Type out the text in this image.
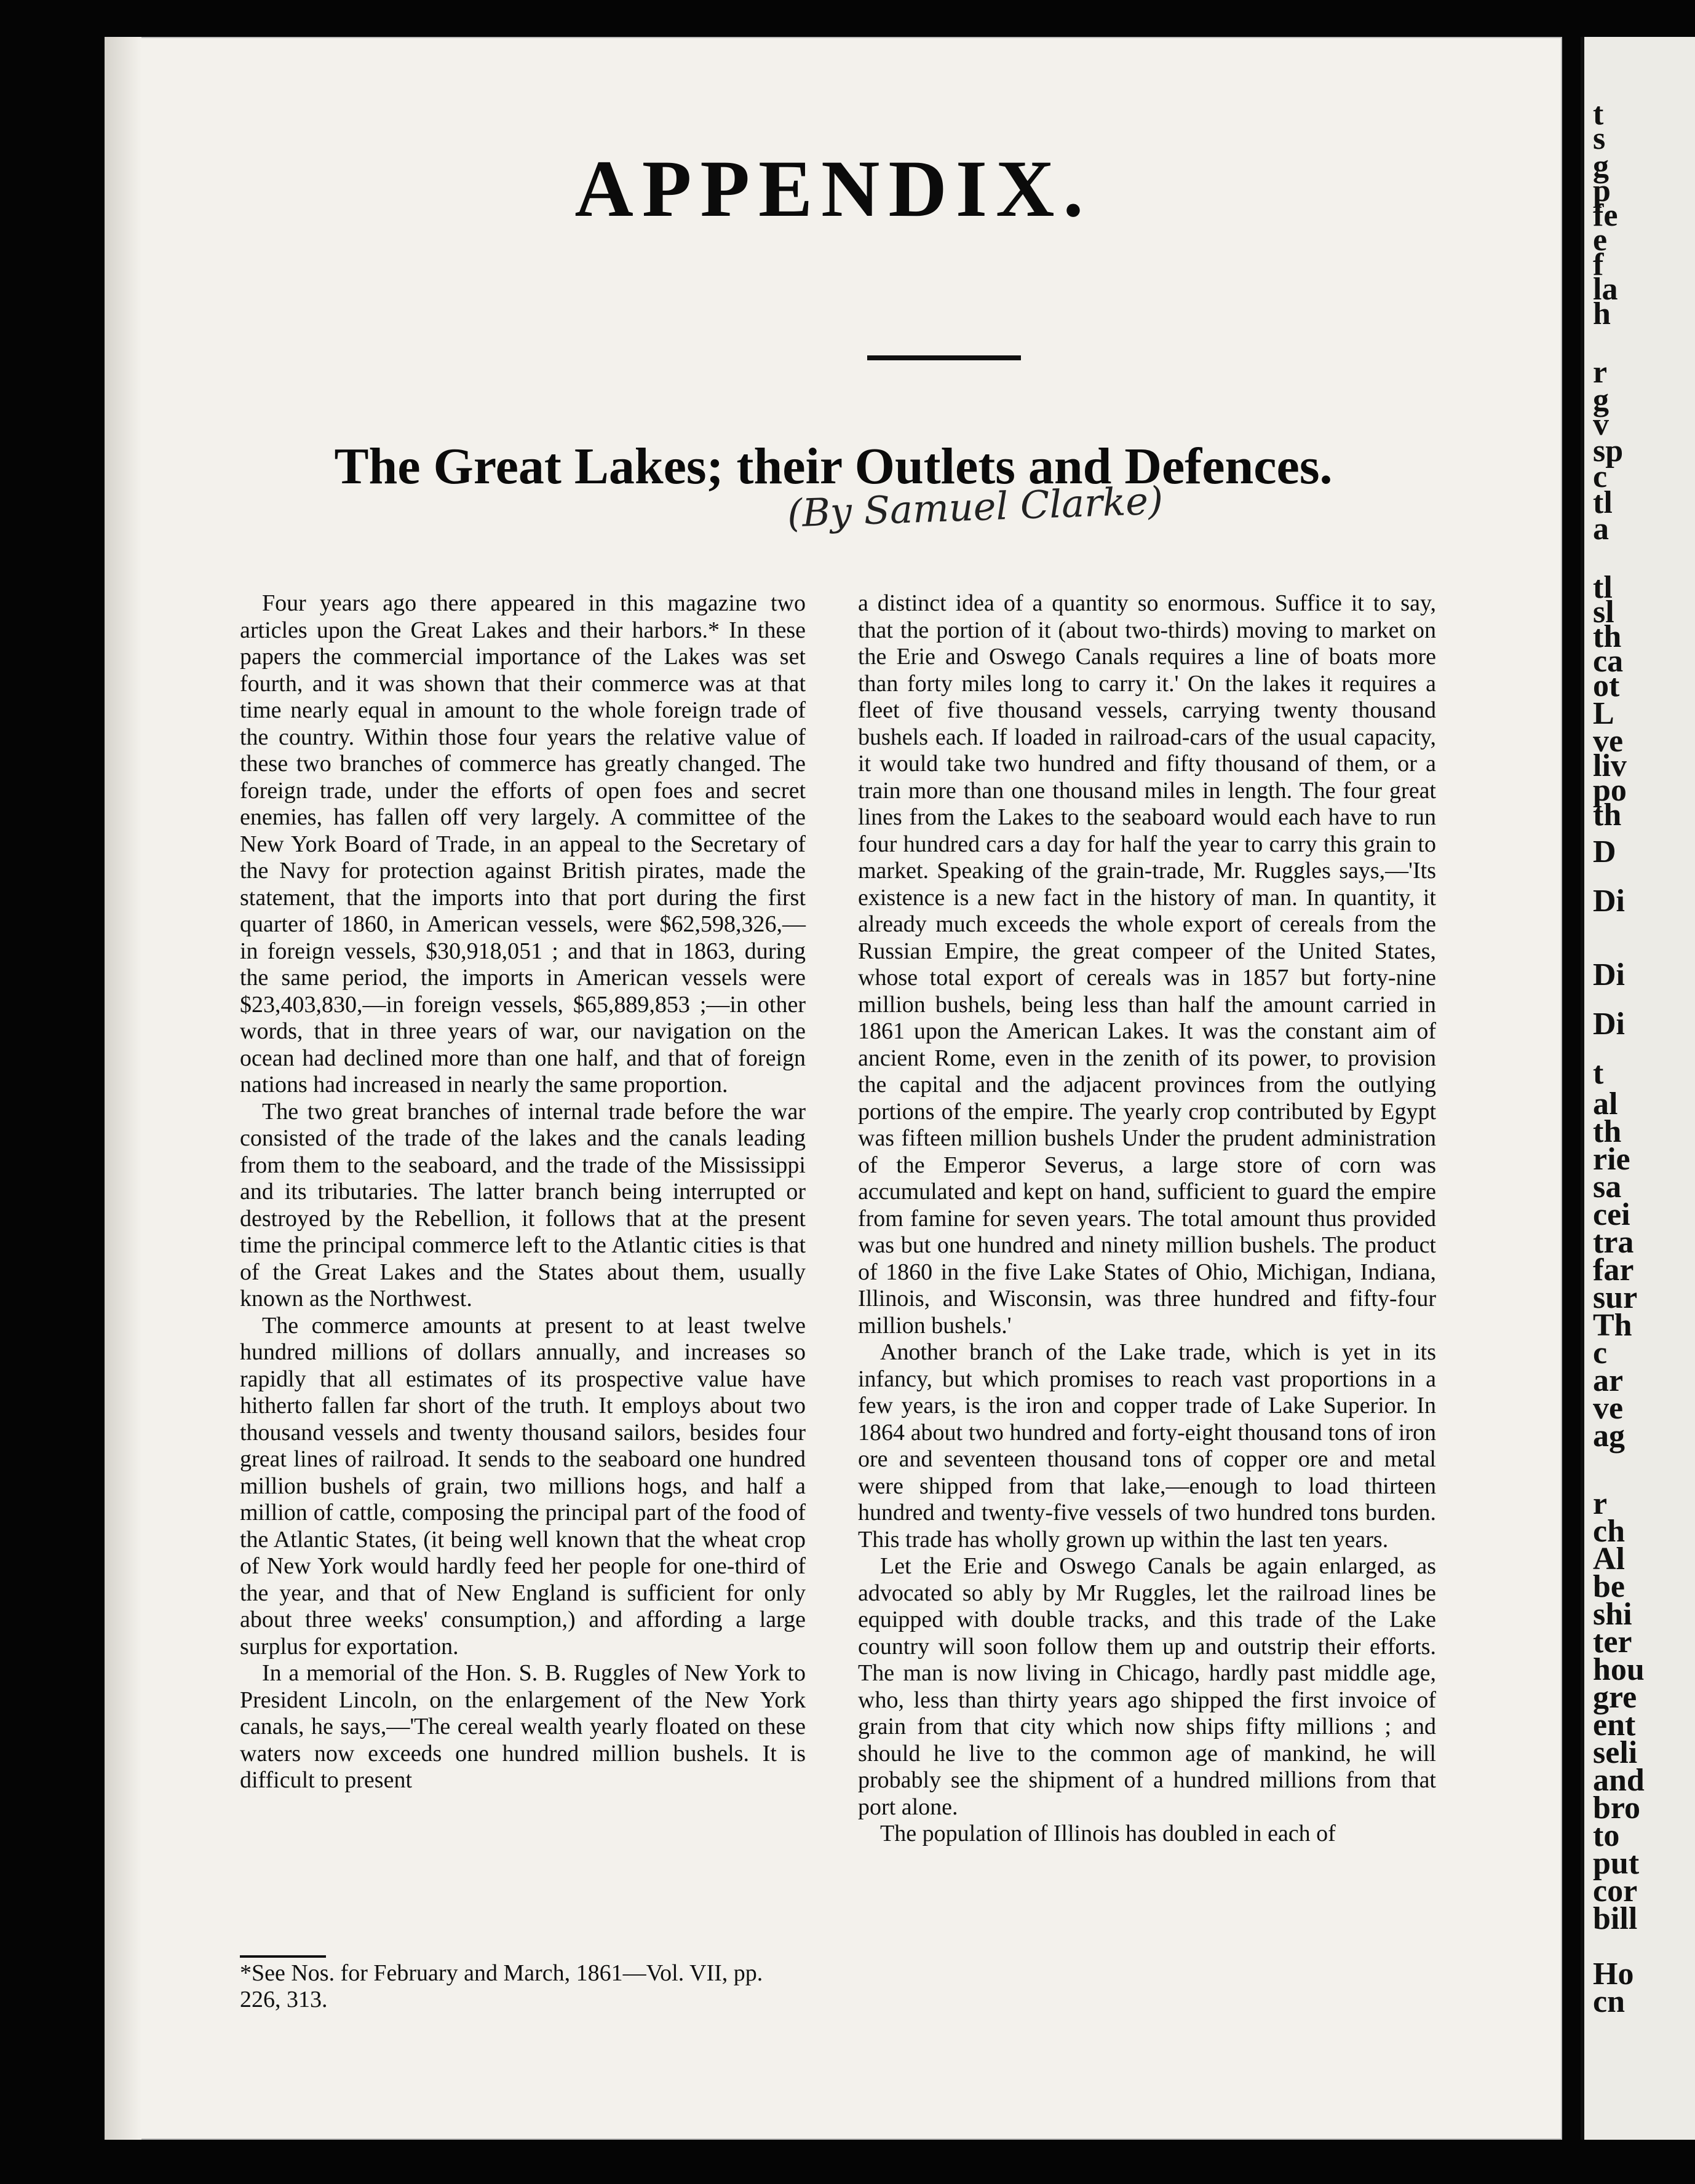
APPENDIX.
The Great Lakes; their Outlets and Defences.
(By Samuel Clarke)

Four years ago there appeared in this magazine two articles upon the Great Lakes and their harbors.* In these papers the commercial importance of the Lakes was set fourth, and it was shown that their commerce was at that time nearly equal in amount to the whole foreign trade of the country. Within those four years the relative value of these two branches of commerce has greatly changed. The foreign trade, under the efforts of open foes and secret enemies, has fallen off very largely. A committee of the New York Board of Trade, in an appeal to the Secretary of the Navy for protection against British pirates, made the statement, that the imports into that port during the first quarter of 1860, in American vessels, were $62,598,326,—in foreign vessels, $30,918,051 ; and that in 1863, during the same period, the imports in American vessels were $23,403,830,—in foreign vessels, $65,889,853 ;—in other words, that in three years of war, our navigation on the ocean had declined more than one half, and that of foreign nations had increased in nearly the same proportion.

The two great branches of internal trade before the war consisted of the trade of the lakes and the canals leading from them to the seaboard, and the trade of the Mississippi and its tributaries. The latter branch being interrupted or destroyed by the Rebellion, it follows that at the present time the principal commerce left to the Atlantic cities is that of the Great Lakes and the States about them, usually known as the Northwest.

The commerce amounts at present to at least twelve hundred millions of dollars annually, and increases so rapidly that all estimates of its prospective value have hitherto fallen far short of the truth. It employs about two thousand vessels and twenty thousand sailors, besides four great lines of railroad. It sends to the seaboard one hundred million bushels of grain, two millions hogs, and half a million of cattle, composing the principal part of the food of the Atlantic States, (it being well known that the wheat crop of New York would hardly feed her people for one-third of the year, and that of New England is sufficient for only about three weeks' consumption,) and affording a large surplus for exportation.

In a memorial of the Hon. S. B. Ruggles of New York to President Lincoln, on the enlargement of the New York canals, he says,—'The cereal wealth yearly floated on these waters now exceeds one hundred million bushels. It is difficult to present

a distinct idea of a quantity so enormous. Suffice it to say, that the portion of it (about two-thirds) moving to market on the Erie and Oswego Canals requires a line of boats more than forty miles long to carry it.' On the lakes it requires a fleet of five thousand vessels, carrying twenty thousand bushels each. If loaded in railroad-cars of the usual capacity, it would take two hundred and fifty thousand of them, or a train more than one thousand miles in length. The four great lines from the Lakes to the seaboard would each have to run four hundred cars a day for half the year to carry this grain to market. Speaking of the grain-trade, Mr. Ruggles says,—'Its existence is a new fact in the history of man. In quantity, it already much exceeds the whole export of cereals from the Russian Empire, the great compeer of the United States, whose total export of cereals was in 1857 but forty-nine million bushels, being less than half the amount carried in 1861 upon the American Lakes. It was the constant aim of ancient Rome, even in the zenith of its power, to provision the capital and the adjacent provinces from the outlying portions of the empire. The yearly crop contributed by Egypt was fifteen million bushels Under the prudent administration of the Emperor Severus, a large store of corn was accumulated and kept on hand, sufficient to guard the empire from famine for seven years. The total amount thus provided was but one hundred and ninety million bushels. The product of 1860 in the five Lake States of Ohio, Michigan, Indiana, Illinois, and Wisconsin, was three hundred and fifty-four million bushels.'

Another branch of the Lake trade, which is yet in its infancy, but which promises to reach vast proportions in a few years, is the iron and copper trade of Lake Superior. In 1864 about two hundred and forty-eight thousand tons of iron ore and seventeen thousand tons of copper ore and metal were shipped from that lake,—enough to load thirteen hundred and twenty-five vessels of two hundred tons burden. This trade has wholly grown up within the last ten years.

Let the Erie and Oswego Canals be again enlarged, as advocated so ably by Mr Ruggles, let the railroad lines be equipped with double tracks, and this trade of the Lake country will soon follow them up and outstrip their efforts. The man is now living in Chicago, hardly past middle age, who, less than thirty years ago shipped the first invoice of grain from that city which now ships fifty millions ; and should he live to the common age of mankind, he will probably see the shipment of a hundred millions from that port alone.

The population of Illinois has doubled in each of

*See Nos. for February and March, 1861—Vol. VII, pp. 226, 313.
t
s
g
p
fe
e
f
la
h
r
g
v
sp
c
tl
a
tl
sl
th
ca
ot
L
ve
liv
po
th
D
Di
Di
Di
t
al
th
rie
sa
cei
tra
far
sur
Th
c
ar
ve
ag
r
ch
Al
be
shi
ter
hou
gre
ent
seli
and
bro
to
put
cor
bill
Ho
cn
